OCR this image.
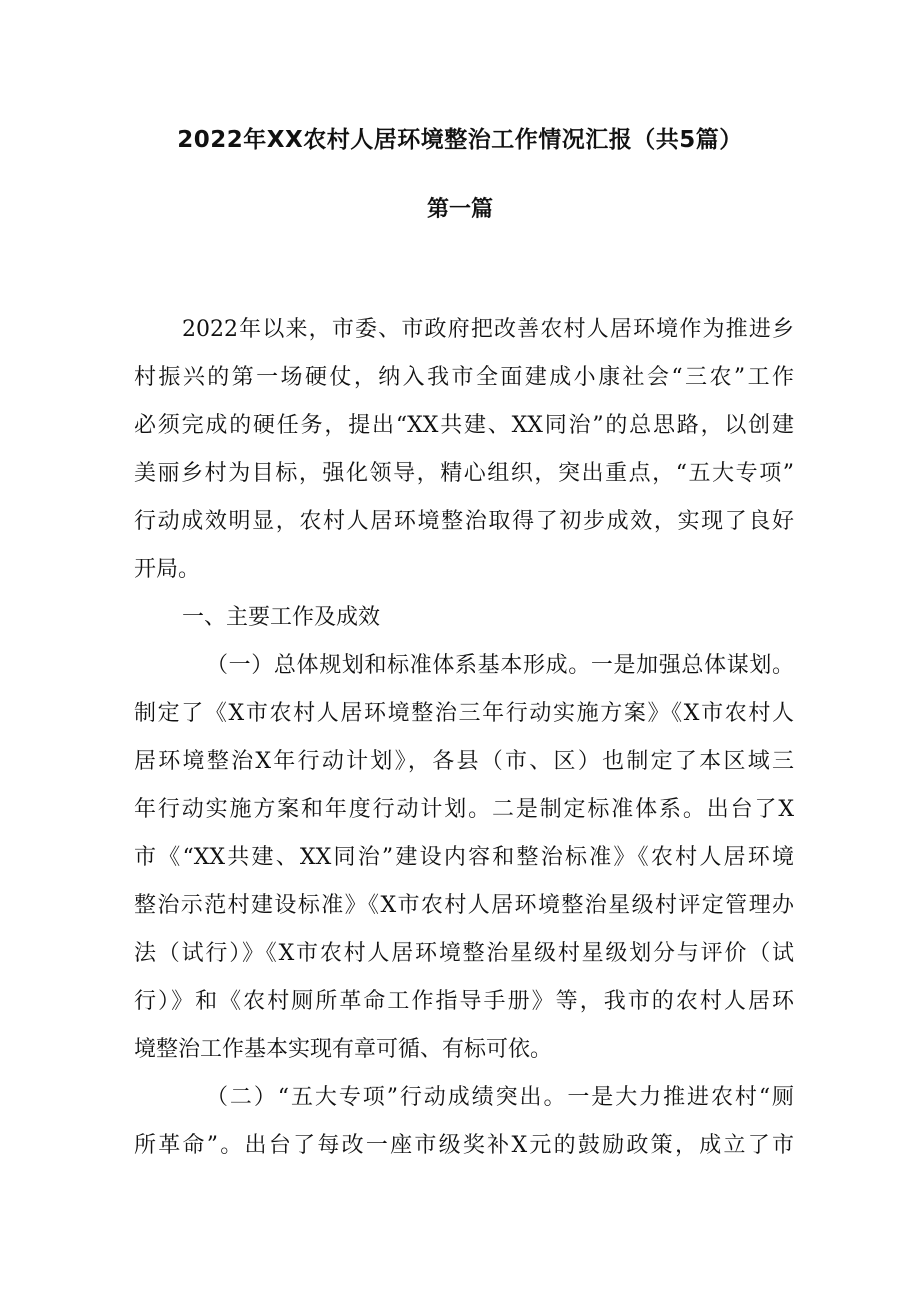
2022年XX农村人居环境整治工作情况汇报（共5篇）
第一篇
2022年以来，市委、市政府把改善农村人居环境作为推进乡
村振兴的第一场硬仗，纳入我市全面建成小康社会“三农”工作
必须完成的硬任务，提出“XX共建、XX同治”的总思路，以创建
美丽乡村为目标，强化领导，精心组织，突出重点，“五大专项”
行动成效明显，农村人居环境整治取得了初步成效，实现了良好
开局。
一、主要工作及成效
（一）总体规划和标准体系基本形成。一是加强总体谋划。
制定了《X市农村人居环境整治三年行动实施方案》《X市农村人
居环境整治X年行动计划》，各县（市、区）也制定了本区域三
年行动实施方案和年度行动计划。二是制定标准体系。出台了X
市《“XX共建、XX同治”建设内容和整治标准》《农村人居环境
整治示范村建设标准》《X市农村人居环境整治星级村评定管理办
法（试行）》《X市农村人居环境整治星级村星级划分与评价（试
行）》和《农村厕所革命工作指导手册》等，我市的农村人居环
境整治工作基本实现有章可循、有标可依。
（二）“五大专项”行动成绩突出。一是大力推进农村“厕
所革命”。出台了每改一座市级奖补X元的鼓励政策，成立了市
